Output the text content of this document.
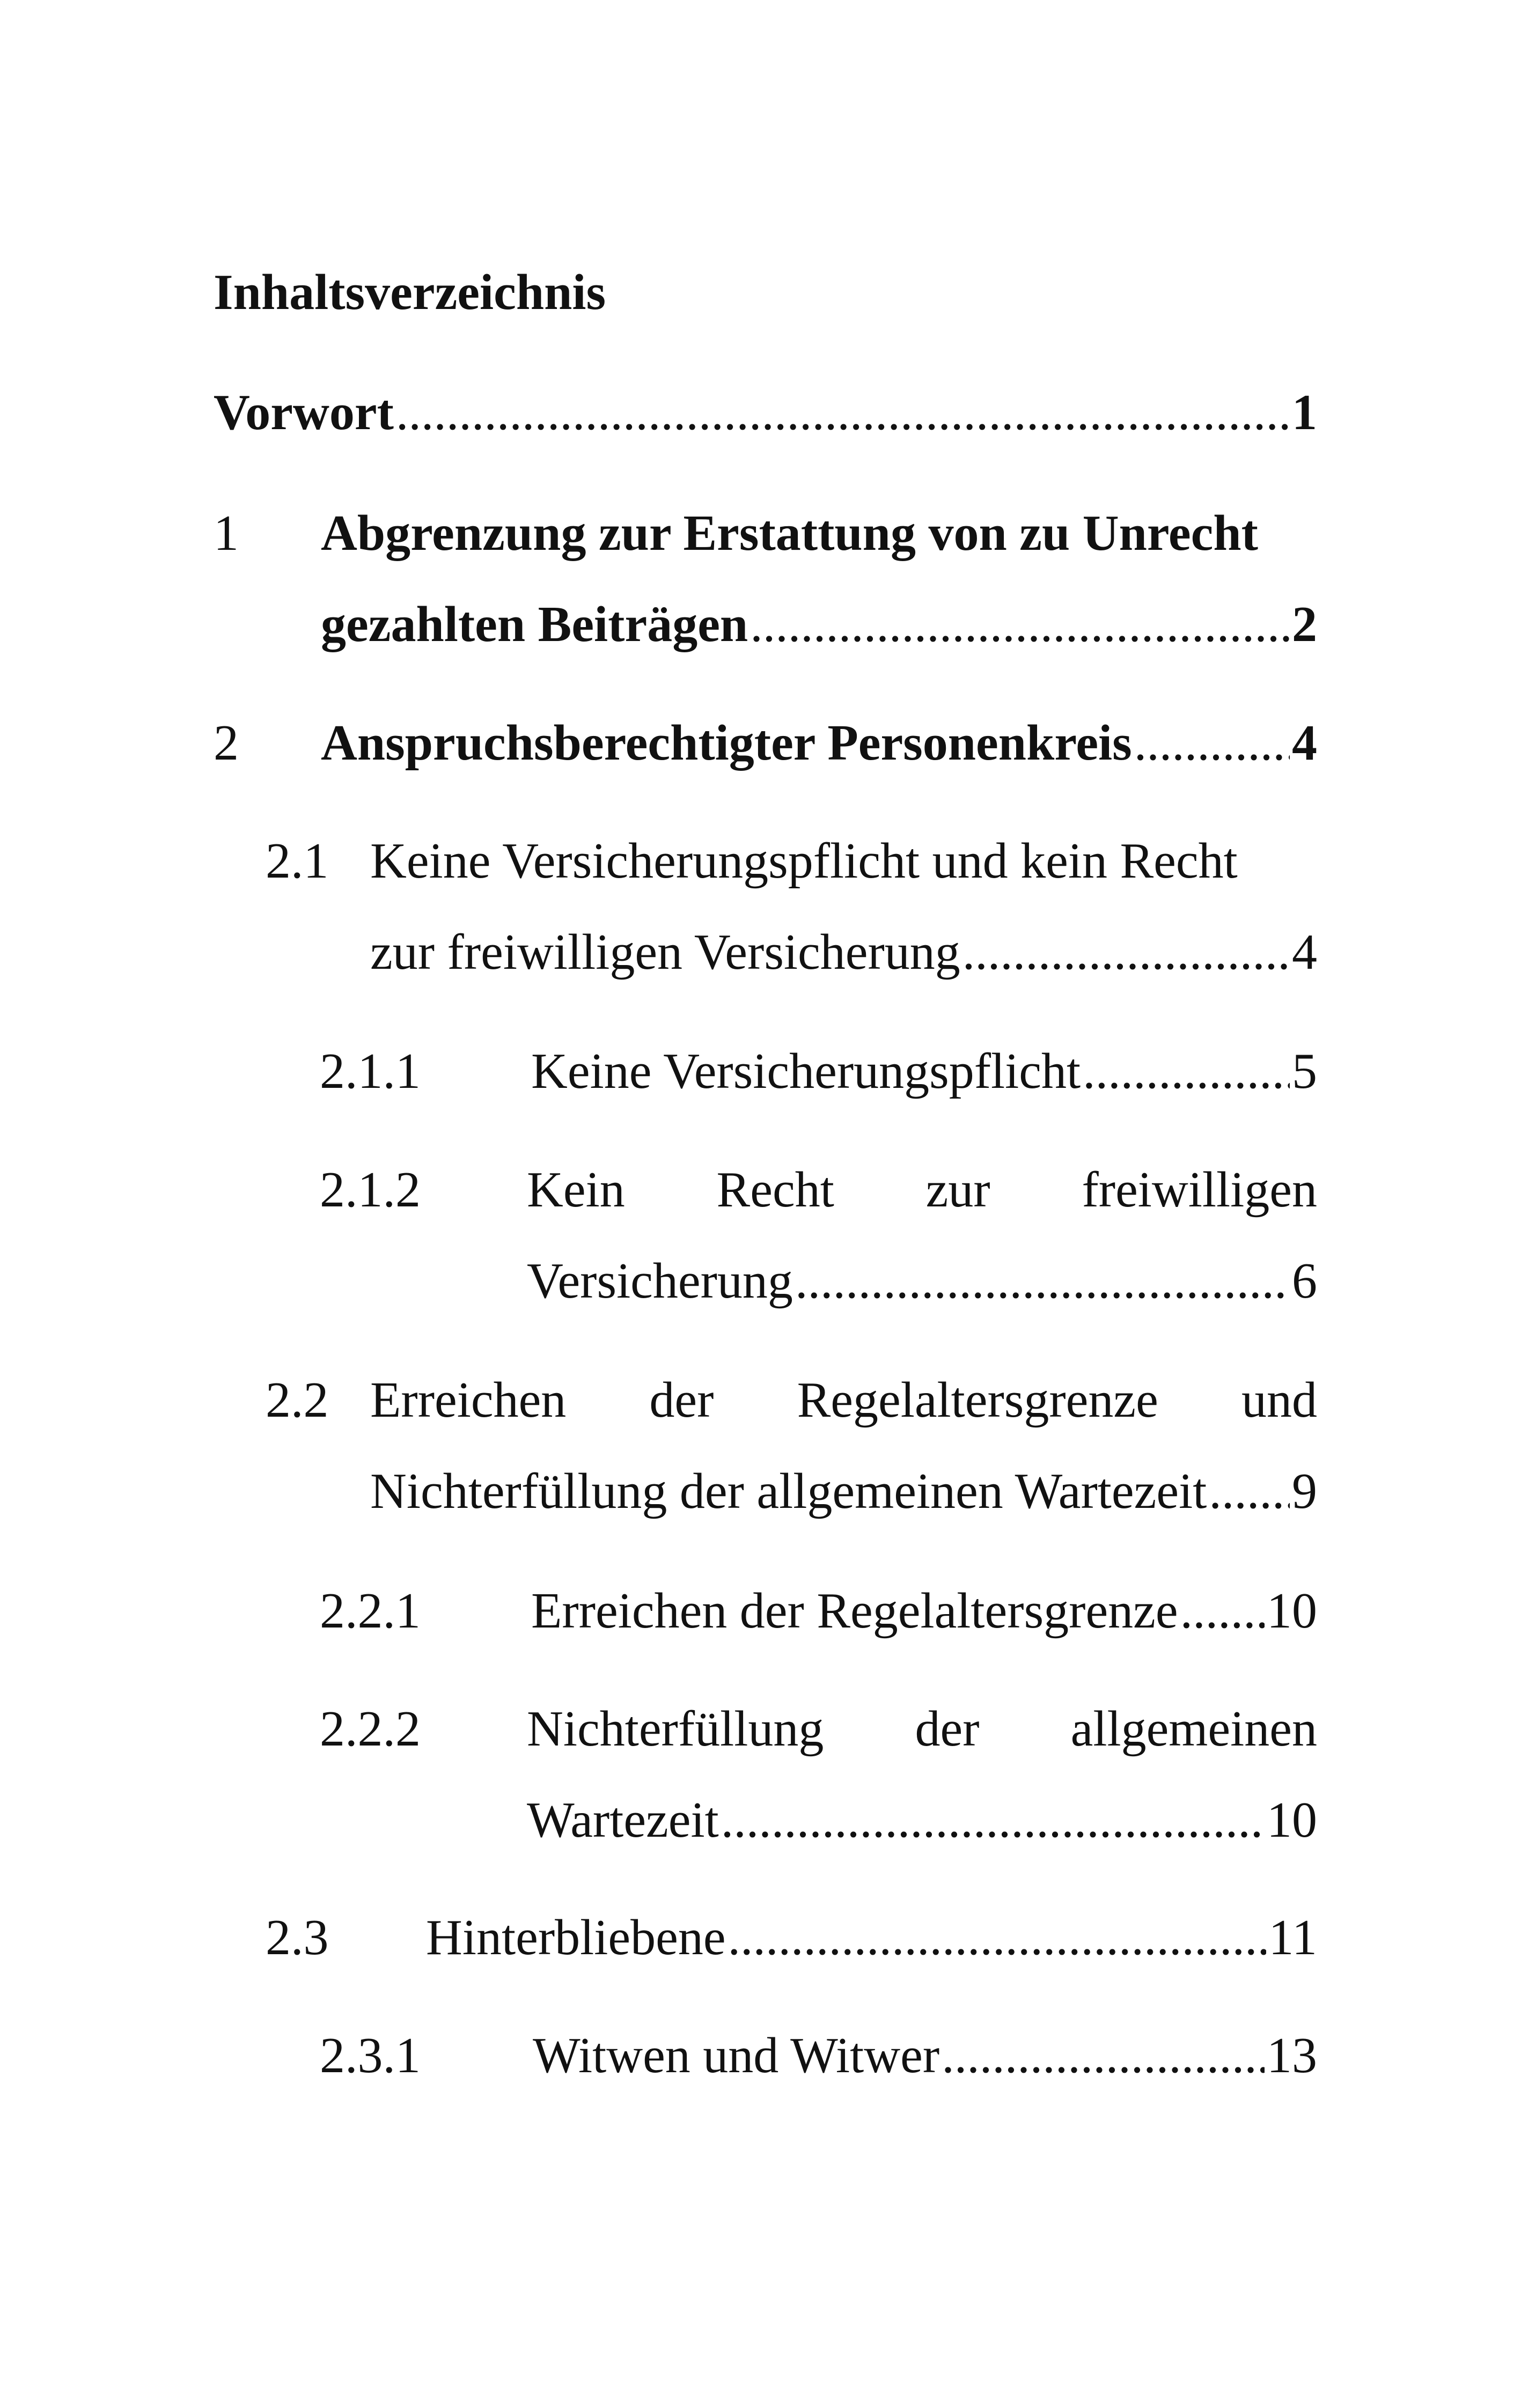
Inhaltsverzeichnis
Vorwort .....	1
1 Abgrenzung zur Erstattung von zu Unrecht
gezahlten Beiträgen .....	2
2 Anspruchsberechtigter Personenkreis .....	4
2.1 Keine Versicherungspflicht und kein Recht
zur freiwilligen Versicherung .....	4
2.1.1 Keine Versicherungspflicht .....	5
2.1.2 Kein Recht zur freiwilligen
Versicherung .....	6
2.2 Erreichen der Regelaltersgrenze und
Nichterfüllung der allgemeinen Wartezeit ..... 9
2.2.1 Erreichen der Regelaltersgrenze ..... 10
2.2.2 Nichterfüllung der allgemeinen
Wartezeit .....	10
2.3 Hinterbliebene .....	11
2.3.1 Witwen und Witwer .....	13
